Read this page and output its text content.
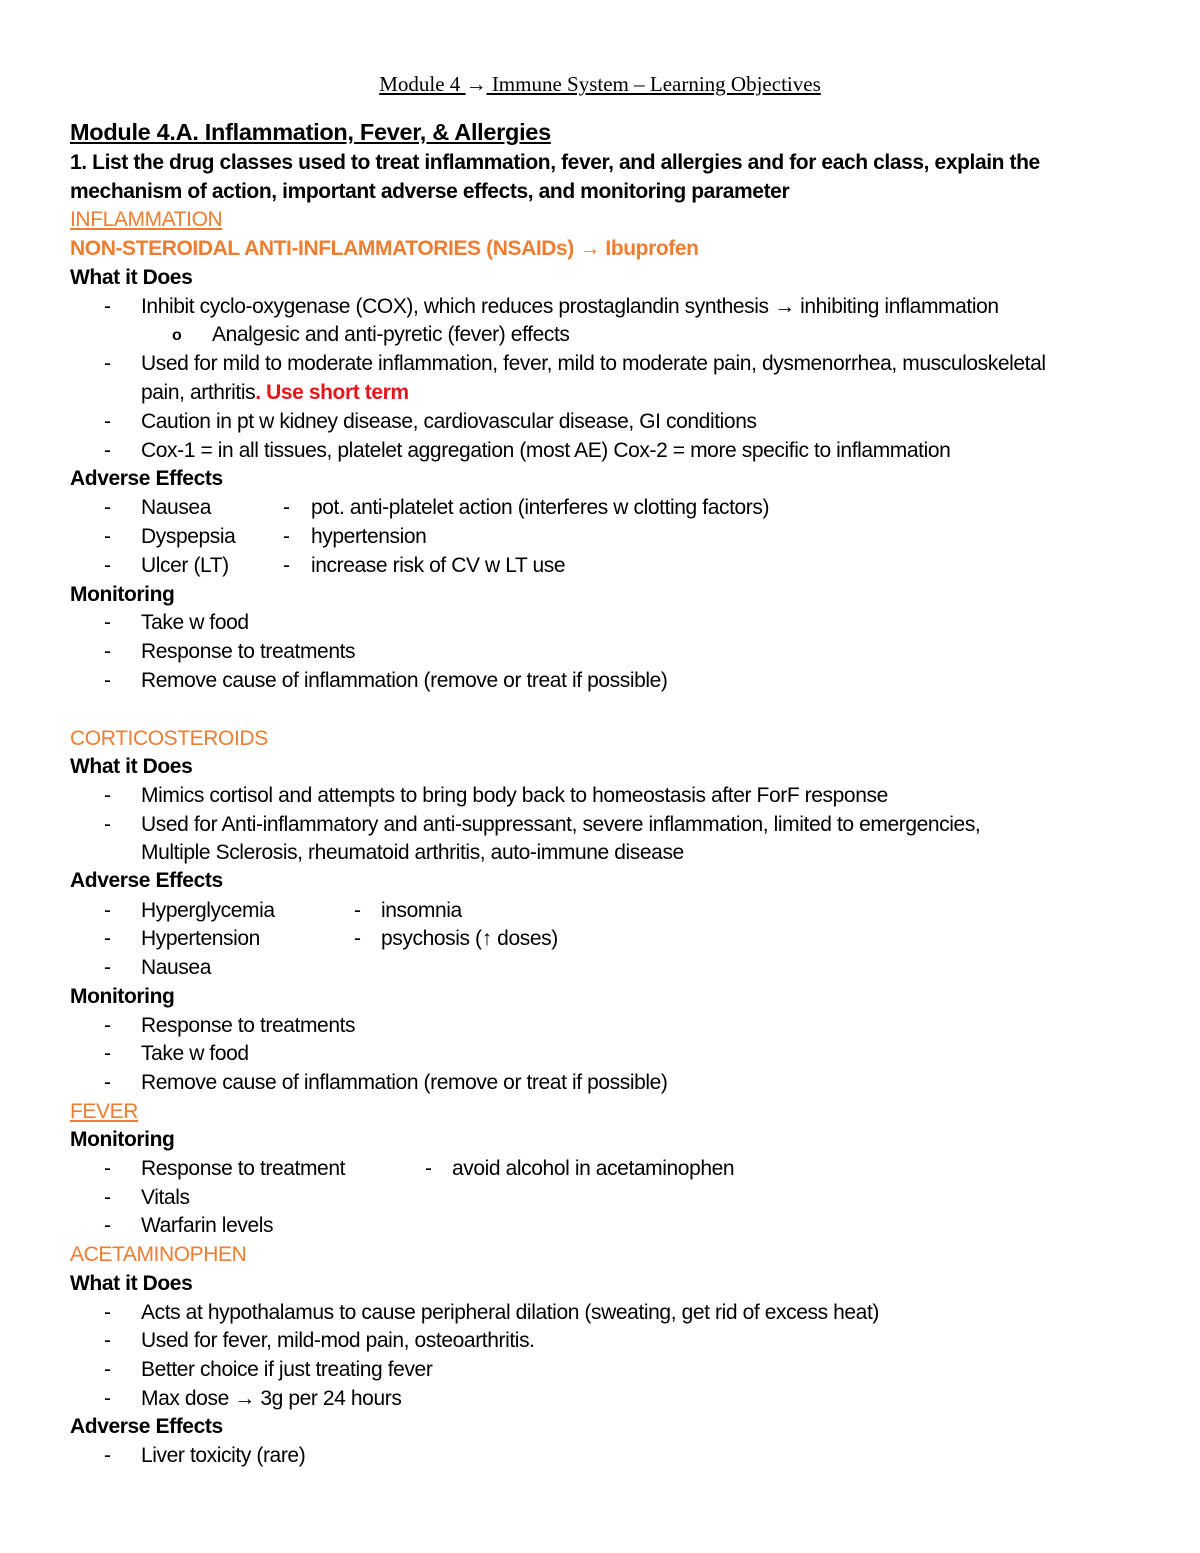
Module 4 → Immune System – Learning Objectives
Module 4.A. Inflammation, Fever, & Allergies
1. List the drug classes used to treat inflammation, fever, and allergies and for each class, explain the
mechanism of action, important adverse effects, and monitoring parameter
INFLAMMATION
NON-STEROIDAL ANTI-INFLAMMATORIES (NSAIDs) → Ibuprofen
What it Does
- Inhibit cyclo-oxygenase (COX), which reduces prostaglandin synthesis → inhibiting inflammation
o Analgesic and anti-pyretic (fever) effects
- Used for mild to moderate inflammation, fever, mild to moderate pain, dysmenorrhea, musculoskeletal
pain, arthritis. Use short term
- Caution in pt w kidney disease, cardiovascular disease, GI conditions
- Cox-1 = in all tissues, platelet aggregation (most AE) Cox-2 = more specific to inflammation
Adverse Effects
- Nausea	- pot. anti-platelet action (interferes w clotting factors)
- Dyspepsia - hypertension
- Ulcer (LT)	- increase risk of CV w LT use
Monitoring
- Take w food
- Response to treatments
- Remove cause of inflammation (remove or treat if possible)
CORTICOSTEROIDS
What it Does
- Mimics cortisol and attempts to bring body back to homeostasis after ForF response
- Used for Anti-inflammatory and anti-suppressant, severe inflammation, limited to emergencies,
Multiple Sclerosis, rheumatoid arthritis, auto-immune disease
Adverse Effects
- Hyperglycemia	- insomnia
- Hypertension	- psychosis (↑ doses)
- Nausea
Monitoring
- Response to treatments
- Take w food
- Remove cause of inflammation (remove or treat if possible)
FEVER
Monitoring
- Response to treatment	- avoid alcohol in acetaminophen
- Vitals
- Warfarin levels
ACETAMINOPHEN
What it Does
- Acts at hypothalamus to cause peripheral dilation (sweating, get rid of excess heat)
- Used for fever, mild-mod pain, osteoarthritis.
- Better choice if just treating fever
- Max dose → 3g per 24 hours
Adverse Effects
- Liver toxicity (rare)
